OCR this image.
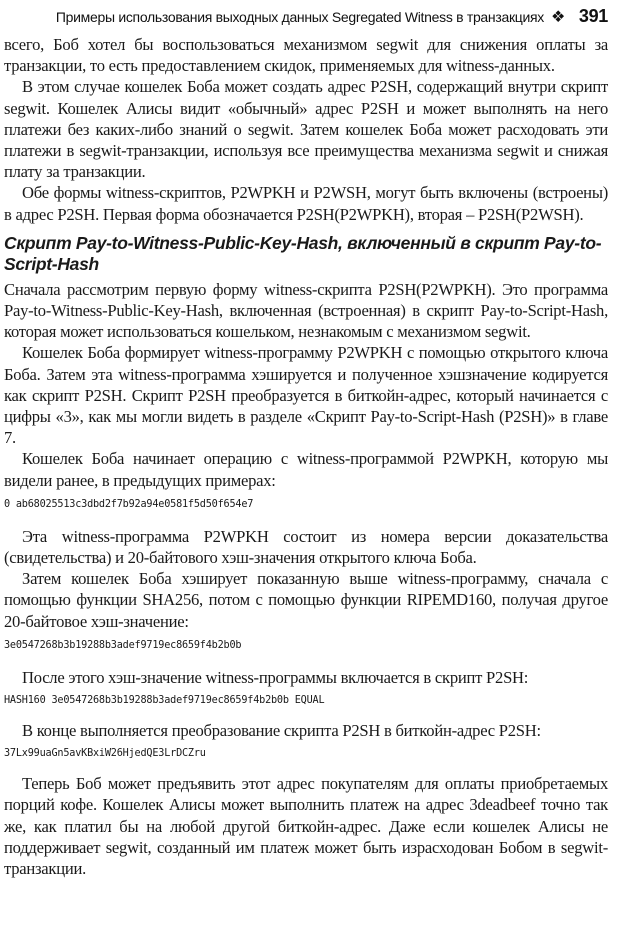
Примеры использования выходных данных Segregated Witness в транзакциях ❖ 391

всего, Боб хотел бы воспользоваться механизмом segwit для снижения оплаты за транзакции, то есть предоставлением скидок, применяемых для witness-данных.

В этом случае кошелек Боба может создать адрес P2SH, содержащий внутри скрипт segwit. Кошелек Алисы видит «обычный» адрес P2SH и может выполнять на него платежи без каких-либо знаний о segwit. Затем кошелек Боба может расходовать эти платежи в segwit-транзакции, используя все преимущества механизма segwit и снижая плату за транзакции.

Обе формы witness-скриптов, P2WPKH и P2WSH, могут быть включены (встроены) в адрес P2SH. Первая форма обозначается P2SH(P2WPKH), вторая – P2SH(P2WSH).

Скрипт Pay-to-Witness-Public-Key-Hash, включенный в скрипт Pay-to-Script-Hash

Сначала рассмотрим первую форму witness-скрипта P2SH(P2WPKH). Это программа Pay-to-Witness-Public-Key-Hash, включенная (встроенная) в скрипт Pay-to-Script-Hash, которая может использоваться кошельком, незнакомым с механизмом segwit.

Кошелек Боба формирует witness-программу P2WPKH с помощью открытого ключа Боба. Затем эта witness-программа хэшируется и полученное хэшзначение кодируется как скрипт P2SH. Скрипт P2SH преобразуется в биткойн-адрес, который начинается с цифры «3», как мы могли видеть в разделе «Скрипт Pay-to-Script-Hash (P2SH)» в главе 7.

Кошелек Боба начинает операцию с witness-программой P2WPKH, которую мы видели ранее, в предыдущих примерах:

0 ab68025513c3dbd2f7b92a94e0581f5d50f654e7

Эта witness-программа P2WPKH состоит из номера версии доказательства (свидетельства) и 20-байтового хэш-значения открытого ключа Боба.

Затем кошелек Боба хэширует показанную выше witness-программу, сначала с помощью функции SHA256, потом с помощью функции RIPEMD160, получая другое 20-байтовое хэш-значение:

3e0547268b3b19288b3adef9719ec8659f4b2b0b

После этого хэш-значение witness-программы включается в скрипт P2SH:

HASH160 3e0547268b3b19288b3adef9719ec8659f4b2b0b EQUAL

В конце выполняется преобразование скрипта P2SH в биткойн-адрес P2SH:

37Lx99uaGn5avKBxiW26HjedQE3LrDCZru

Теперь Боб может предъявить этот адрес покупателям для оплаты приобретаемых порций кофе. Кошелек Алисы может выполнить платеж на адрес 3deadbeef точно так же, как платил бы на любой другой биткойн-адрес. Даже если кошелек Алисы не поддерживает segwit, созданный им платеж может быть израсходован Бобом в segwit-транзакции.
